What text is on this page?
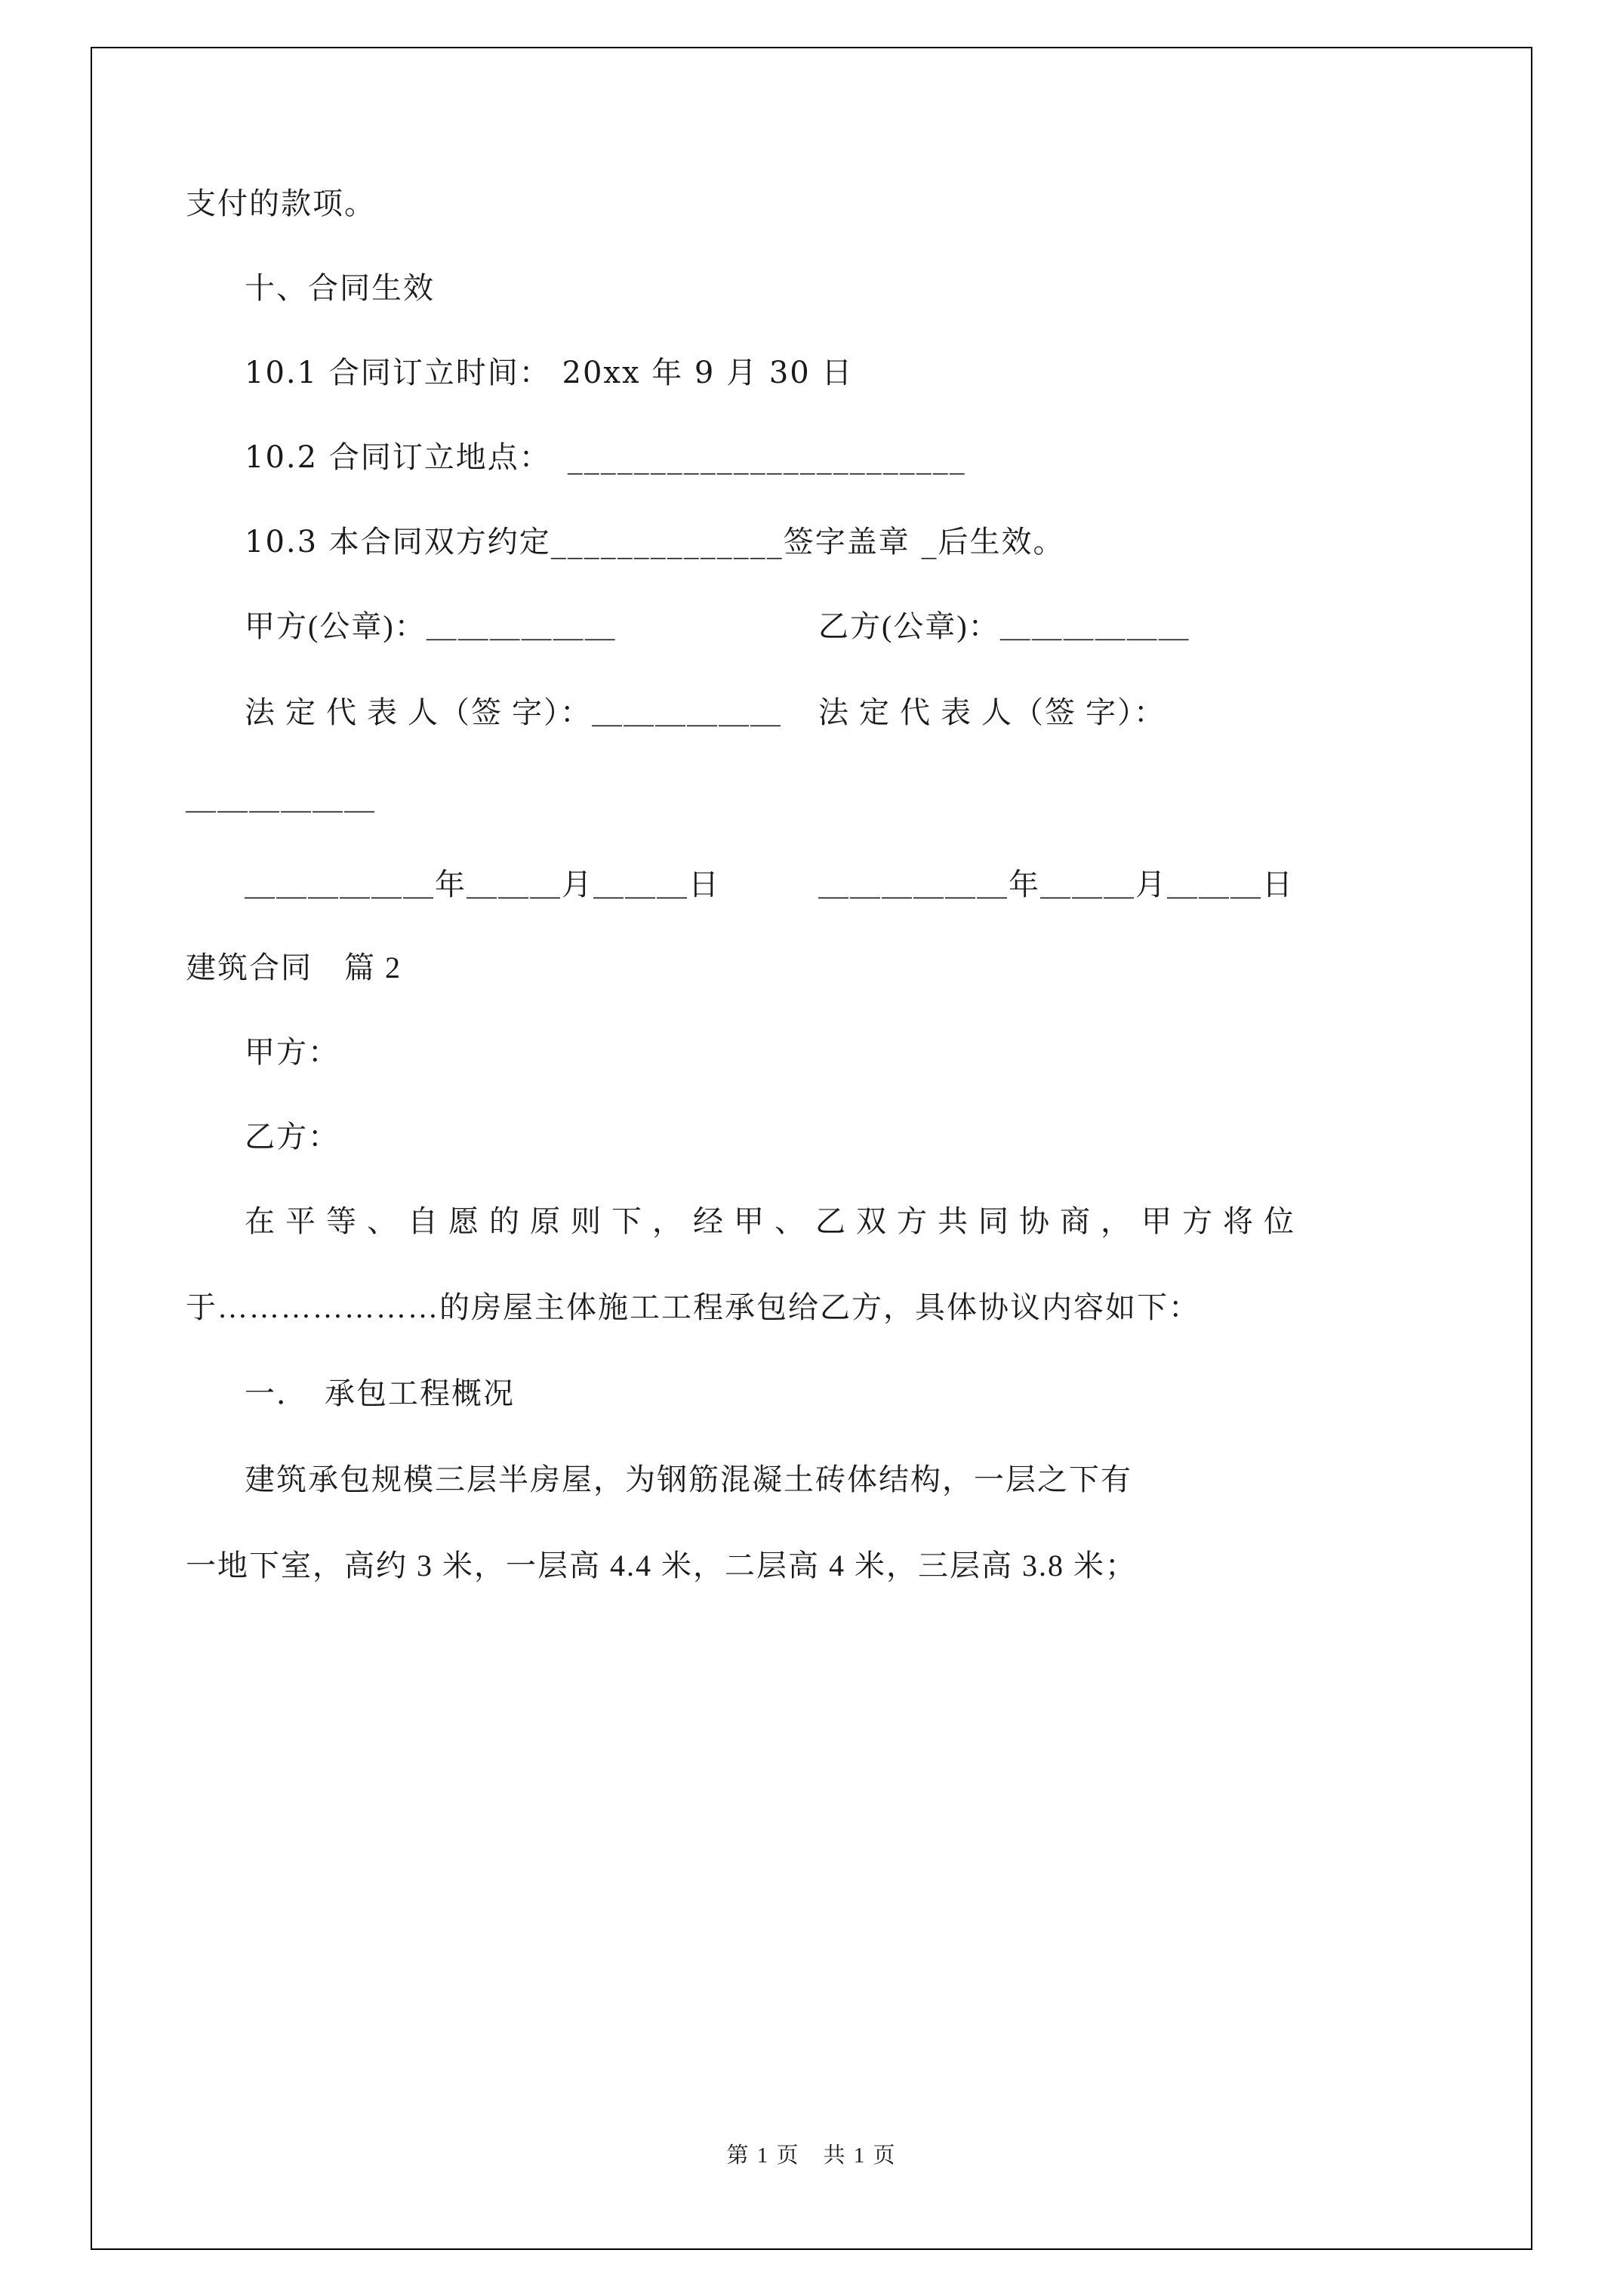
支付的款项。
十、合同生效
10.1 合同订立时间： 20xx 年 9 月 30 日
10.2 合同订立地点：　________________________
10.3 本合同双方约定______________签字盖章 _后生效。
甲方(公章)：＿＿＿＿＿＿	乙方(公章)：＿＿＿＿＿＿
法 定 代 表 人（签 字）：＿＿＿＿＿＿	法 定 代 表 人（签 字）：
＿＿＿＿＿＿
＿＿＿＿＿＿年＿＿＿月＿＿＿日	＿＿＿＿＿＿年＿＿＿月＿＿＿日
建筑合同　篇 2
甲方：
乙方：
在 平 等 、 自 愿 的 原 则 下 ， 经 甲 、 乙 双 方 共 同 协 商 ， 甲 方 将 位
于…………………的房屋主体施工工程承包给乙方，具体协议内容如下：
一．　承包工程概况
建筑承包规模三层半房屋，为钢筋混凝土砖体结构，一层之下有
一地下室，高约 3 米，一层高 4.4 米，二层高 4 米，三层高 3.8 米；
第 1 页　共 1 页
